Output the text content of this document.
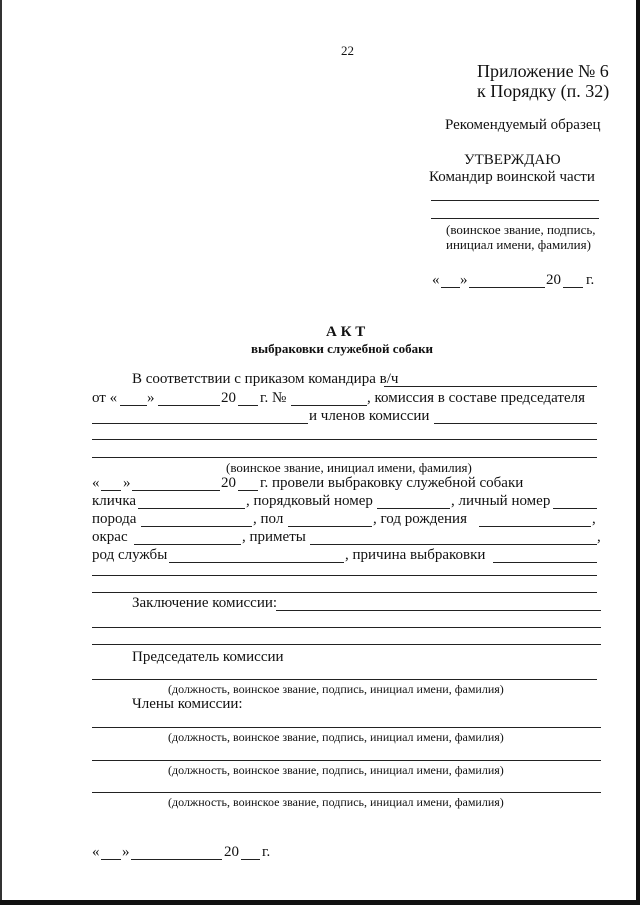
22
Приложение № 6
к Порядку (п. 32)
Рекомендуемый образец
УТВЕРЖДАЮ
Командир воинской части
(воинское звание, подпись,
инициал имени, фамилия)
« »	20 г.
А К Т
выбраковки служебной собаки
В соответствии с приказом командира в/ч
от « »	20 г. №	, комиссия в составе председателя
и членов комиссии
(воинское звание, инициал имени, фамилия)
« »	20 г. провели выбраковку служебной собаки
кличка	, порядковый номер	, личный номер
порода	, пол	, год рождения	,
окрас	, приметы	,
род службы	, причина выбраковки
Заключение комиссии:
Председатель комиссии
(должность, воинское звание, подпись, инициал имени, фамилия)
Члены комиссии:
(должность, воинское звание, подпись, инициал имени, фамилия)
(должность, воинское звание, подпись, инициал имени, фамилия)
(должность, воинское звание, подпись, инициал имени, фамилия)
« »	20 г.
